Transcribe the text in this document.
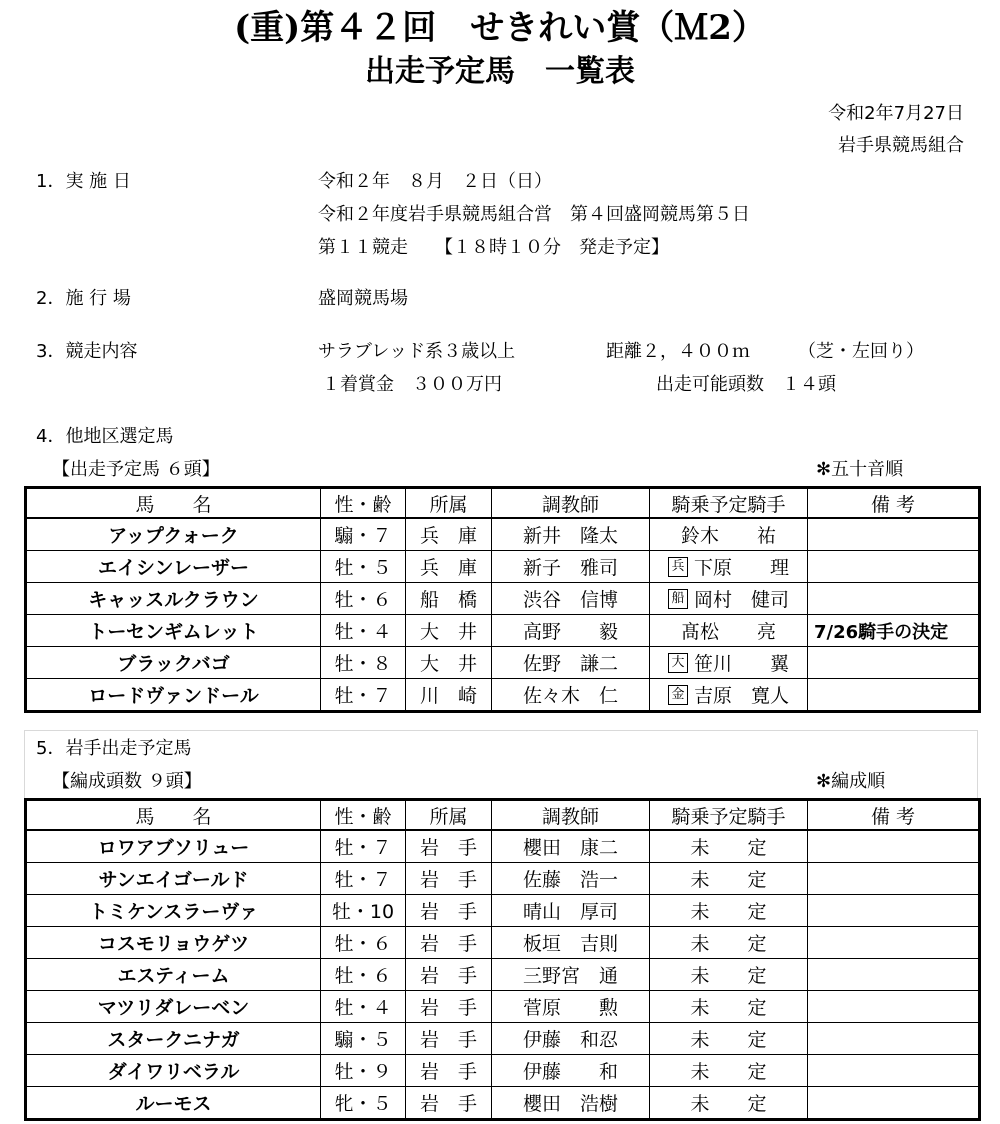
(重)第４２回　せきれい賞（Ｍ2）
出走予定馬　一覧表
令和2年7月27日
岩手県競馬組合
1．実 施 日	令和２年　８月　２日（日）
令和２年度岩手県競馬組合営　第４回盛岡競馬第５日
第１１競走　　【１８時１０分　発走予定】
2．施 行 場	盛岡競馬場
3．競走内容	サラブレッド系３歳以上	距離２，４００ｍ	（芝・左回り）
１着賞金　３００万円	出走可能頭数　１４頭
4．他地区選定馬
【出走予定馬 ６頭】	✻五十音順
馬　　名	性・齢	所属	調教師	騎乗予定騎手	備 考
アップクォーク	騸・７	兵　庫	新井　隆太	鈴木　　祐	
エイシンレーザー	牡・５	兵　庫	新子　雅司	兵 下原　　理	
キャッスルクラウン	牡・６	船　橋	渋谷　信博	船 岡村　健司	
トーセンギムレット	牡・４	大　井	高野　　毅	髙松　　亮	7/26騎手の決定
ブラックバゴ	牡・８	大　井	佐野　謙二	大 笹川　　翼	
ロードヴァンドール	牡・７	川　崎	佐々木　仁	金 吉原　寛人	
5．岩手出走予定馬
【編成頭数 ９頭】	✻編成順
馬　　名	性・齢	所属	調教師	騎乗予定騎手	備 考
ロワアブソリュー	牡・７	岩　手	櫻田　康二	未　　定	
サンエイゴールド	牡・７	岩　手	佐藤　浩一	未　　定	
トミケンスラーヴァ	牡・10	岩　手	晴山　厚司	未　　定	
コスモリョウゲツ	牡・６	岩　手	板垣　吉則	未　　定	
エスティーム	牡・６	岩　手	三野宮　通	未　　定	
マツリダレーベン	牡・４	岩　手	菅原　　勲	未　　定	
スタークニナガ	騸・５	岩　手	伊藤　和忍	未　　定	
ダイワリベラル	牡・９	岩　手	伊藤　　和	未　　定	
ルーモス	牝・５	岩　手	櫻田　浩樹	未　　定	
